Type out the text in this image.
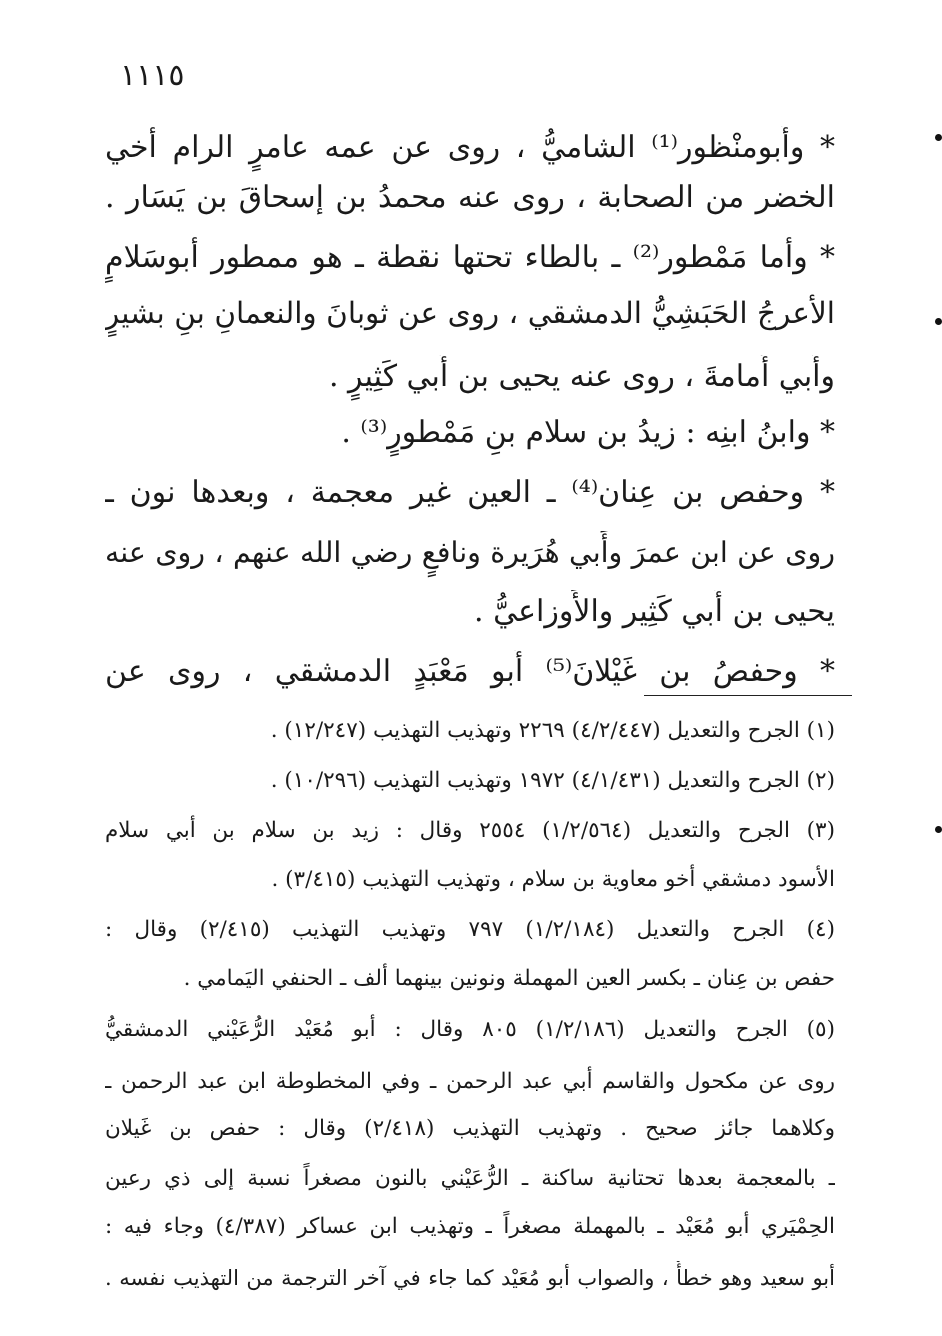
١١١٥
* وأَبومنْظور⁽¹⁾ الشاميُّ ، روى عن عمه عامرٍ الرام أخي
الخضر من الصحابة ، روى عنه محمدُ بن إسحاقَ بن يَسَار .
* وأما مَمْطور⁽²⁾ ـ بالطاء تحتها نقطة ـ هو ممطور أبوسَلامٍ
الأعرجُ الحَبَشِيُّ الدمشقي ، روى عن ثوبانَ والنعمانِ بنِ بشيرٍ
وأَبي أُمامةَ ، روى عنه يحيى بن أَبي كَثِيرٍ .
* وابنُ ابنِه : زيدُ بن سلام بنِ مَمْطورٍ⁽³⁾ .
* وحفص بن عِنان⁽⁴⁾ ـ العين غير معجمة ، وبعدها نون ـ
روى عن ابن عمرَ وأَبي هُرَيرة ونافعٍ رضي الله عنهم ، روى عنه
يحيى بن أَبي كَثِير والأَوزاعيُّ .
* وحفصُ بن غَيْلانَ⁽⁵⁾ أَبو مَعْبَدٍ الدمشقي ، روى عن
(١) الجرح والتعديل (٤/٢/٤٤٧) ٢٢٦٩ وتهذيب التهذيب (١٢/٢٤٧) .
(٢) الجرح والتعديل (٤/١/٤٣١) ١٩٧٢ وتهذيب التهذيب (١٠/٢٩٦) .
(٣) الجرح والتعديل (١/٢/٥٦٤) ٢٥٥٤ وقال : زيد بن سلام بن أبي سلام
الأسود دمشقي أخو معاوية بن سلام ، وتهذيب التهذيب (٣/٤١٥) .
(٤) الجرح والتعديل (١/٢/١٨٤) ٧٩٧ وتهذيب التهذيب (٢/٤١٥) وقال :
حفص بن عِنان ـ بكسر العين المهملة ونونين بينهما ألف ـ الحنفي اليَمامي .
(٥) الجرح والتعديل (١/٢/١٨٦) ٨٠٥ وقال : أبو مُعَيْد الرُّعَيْني الدمشقيُّ
روى عن مكحول والقاسم أبي عبد الرحمن ـ وفي المخطوطة ابن عبد الرحمن ـ
وكلاهما جائز صحيح . وتهذيب التهذيب (٢/٤١٨) وقال : حفص بن غَيلان
ـ بالمعجمة بعدها تحتانية ساكنة ـ الرُّعَيْني بالنون مصغراً نسبة إلى ذي رعين
الحِمْيَري أبو مُعَيْد ـ بالمهملة مصغراً ـ وتهذيب ابن عساكر (٤/٣٨٧) وجاء فيه :
أبو سعيد وهو خطأٌ ، والصواب أبو مُعَيْد كما جاء في آخر الترجمة من التهذيب نفسه .
